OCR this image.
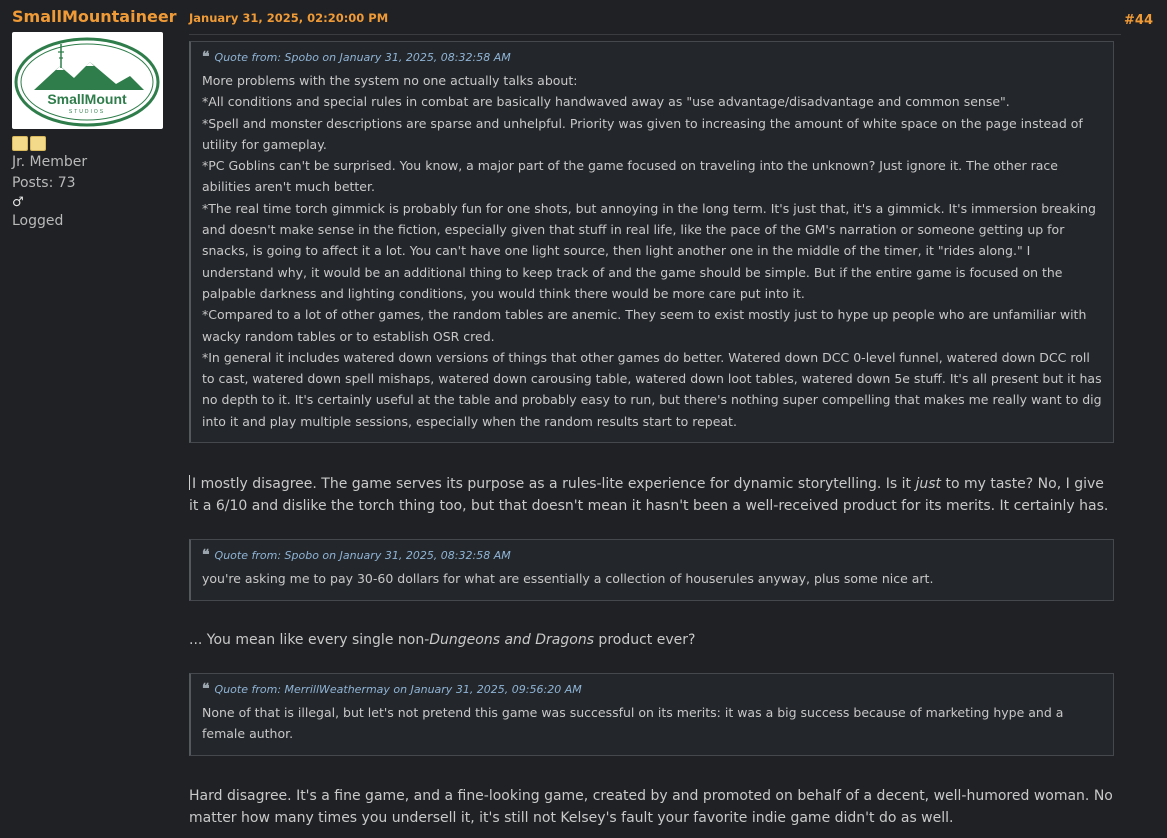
SmallMountaineer
SmallMount
STUDIOS
Jr. Member
Posts: 73
♂
Logged
January 31, 2025, 02:20:00 PM	#44
❝ Quote from: Spobo on January 31, 2025, 08:32:58 AM

More problems with the system no one actually talks about:

*All conditions and special rules in combat are basically handwaved away as "use advantage/disadvantage and common sense".

*Spell and monster descriptions are sparse and unhelpful. Priority was given to increasing the amount of white space on the page instead of utility for gameplay.

*PC Goblins can't be surprised. You know, a major part of the game focused on traveling into the unknown? Just ignore it. The other race abilities aren't much better.

*The real time torch gimmick is probably fun for one shots, but annoying in the long term. It's just that, it's a gimmick. It's immersion breaking and doesn't make sense in the fiction, especially given that stuff in real life, like the pace of the GM's narration or someone getting up for snacks, is going to affect it a lot. You can't have one light source, then light another one in the middle of the timer, it "rides along." I understand why, it would be an additional thing to keep track of and the game should be simple. But if the entire game is focused on the palpable darkness and lighting conditions, you would think there would be more care put into it.

*Compared to a lot of other games, the random tables are anemic. They seem to exist mostly just to hype up people who are unfamiliar with wacky random tables or to establish OSR cred.

*In general it includes watered down versions of things that other games do better. Watered down DCC 0-level funnel, watered down DCC roll to cast, watered down spell mishaps, watered down carousing table, watered down loot tables, watered down 5e stuff. It's all present but it has no depth to it. It's certainly useful at the table and probably easy to run, but there's nothing super compelling that makes me really want to dig into it and play multiple sessions, especially when the random results start to repeat.

I mostly disagree. The game serves its purpose as a rules-lite experience for dynamic storytelling. Is it just to my taste? No, I give it a 6/10 and dislike the torch thing too, but that doesn't mean it hasn't been a well-received product for its merits. It certainly has.

❝ Quote from: Spobo on January 31, 2025, 08:32:58 AM
you're asking me to pay 30-60 dollars for what are essentially a collection of houserules anyway, plus some nice art.

... You mean like every single non-Dungeons and Dragons product ever?

❝ Quote from: MerrillWeathermay on January 31, 2025, 09:56:20 AM
None of that is illegal, but let's not pretend this game was successful on its merits: it was a big success because of marketing hype and a female author.

Hard disagree. It's a fine game, and a fine-looking game, created by and promoted on behalf of a decent, well-humored woman. No matter how many times you undersell it, it's still not Kelsey's fault your favorite indie game didn't do as well.
